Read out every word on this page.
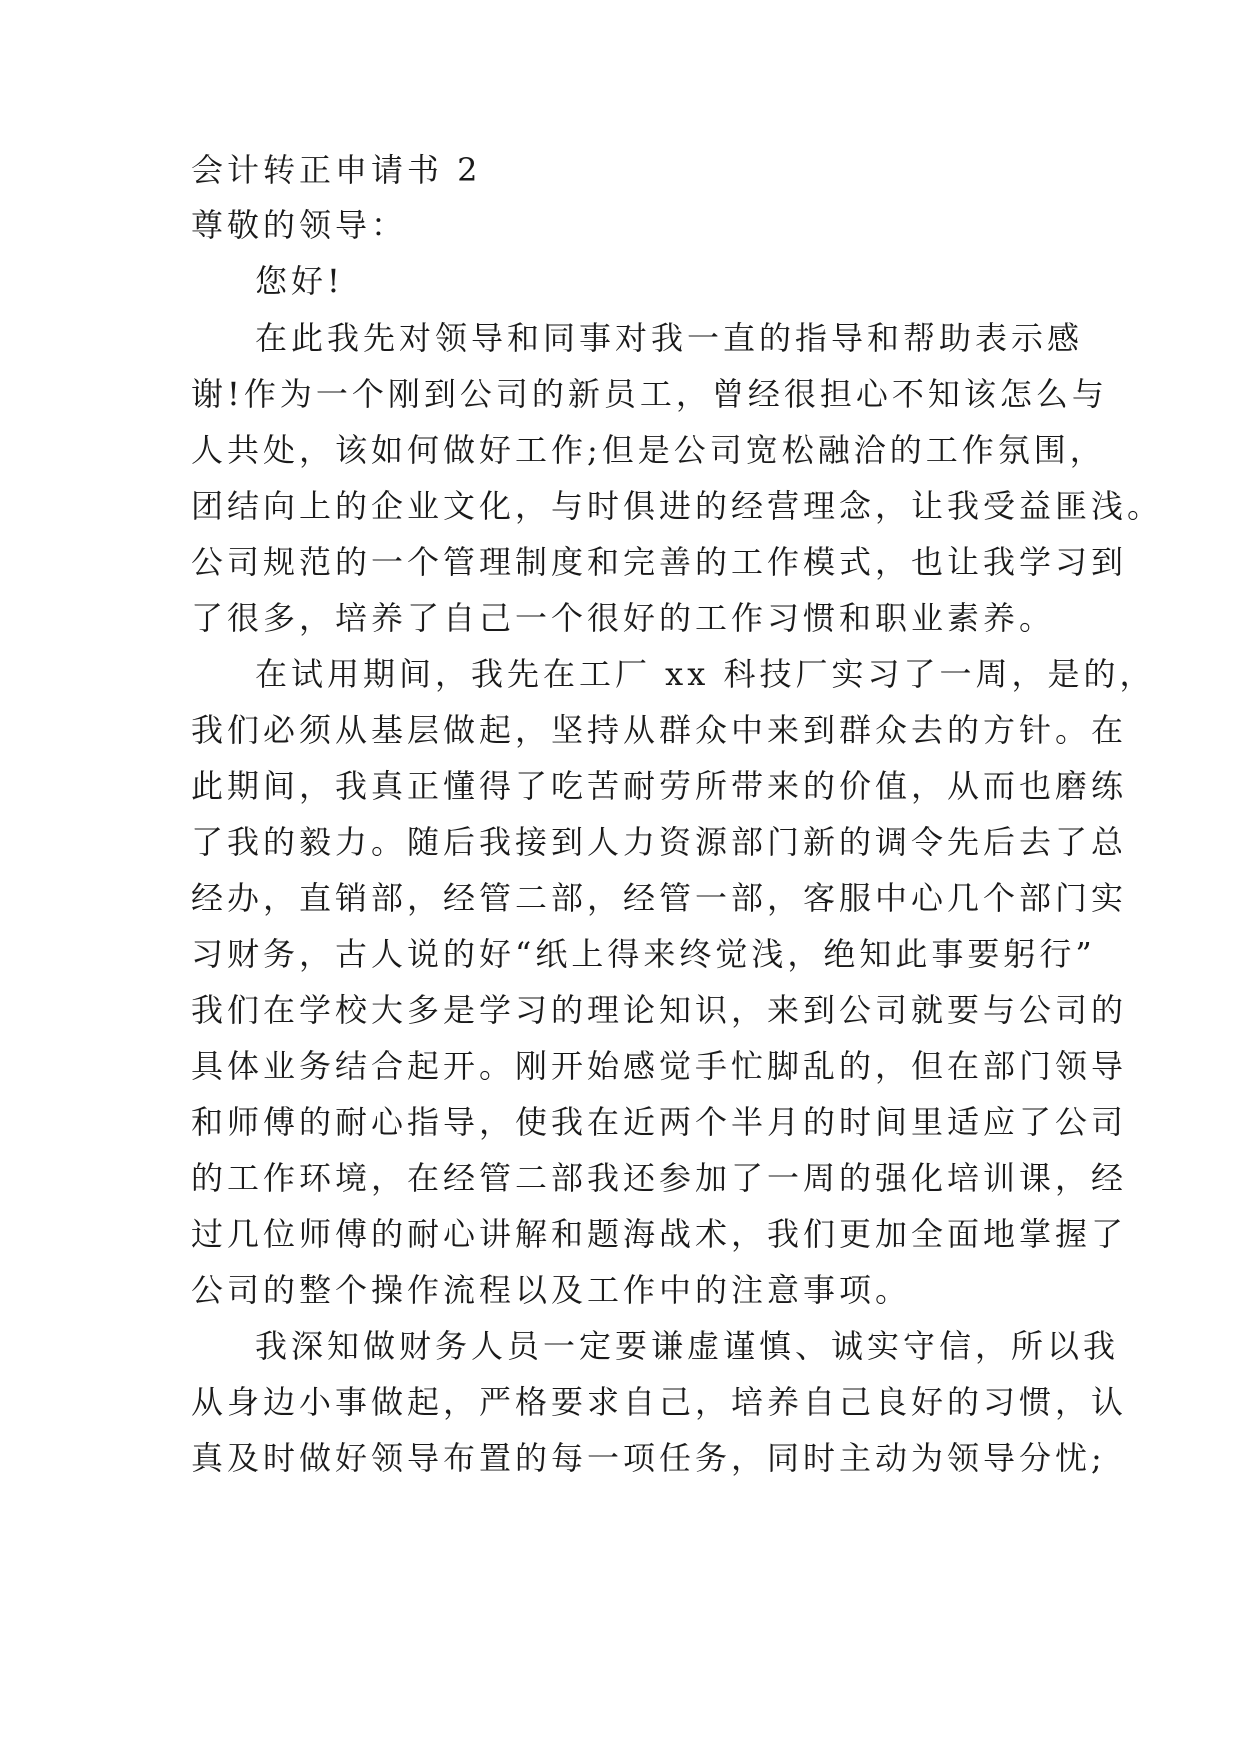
会计转正申请书 2

尊敬的领导：

您好!

在此我先对领导和同事对我一直的指导和帮助表示感

谢!作为一个刚到公司的新员工，曾经很担心不知该怎么与

人共处，该如何做好工作;但是公司宽松融洽的工作氛围，

团结向上的企业文化，与时俱进的经营理念，让我受益匪浅。

公司规范的一个管理制度和完善的工作模式，也让我学习到

了很多，培养了自己一个很好的工作习惯和职业素养。

在试用期间，我先在工厂 xx 科技厂实习了一周，是的，

我们必须从基层做起，坚持从群众中来到群众去的方针。在

此期间，我真正懂得了吃苦耐劳所带来的价值，从而也磨练

了我的毅力。随后我接到人力资源部门新的调令先后去了总

经办，直销部，经管二部，经管一部，客服中心几个部门实

习财务，古人说的好“纸上得来终觉浅，绝知此事要躬行”

我们在学校大多是学习的理论知识，来到公司就要与公司的

具体业务结合起开。刚开始感觉手忙脚乱的，但在部门领导

和师傅的耐心指导，使我在近两个半月的时间里适应了公司

的工作环境，在经管二部我还参加了一周的强化培训课，经

过几位师傅的耐心讲解和题海战术，我们更加全面地掌握了

公司的整个操作流程以及工作中的注意事项。

我深知做财务人员一定要谦虚谨慎、诚实守信，所以我

从身边小事做起，严格要求自己，培养自己良好的习惯，认

真及时做好领导布置的每一项任务，同时主动为领导分忧;
